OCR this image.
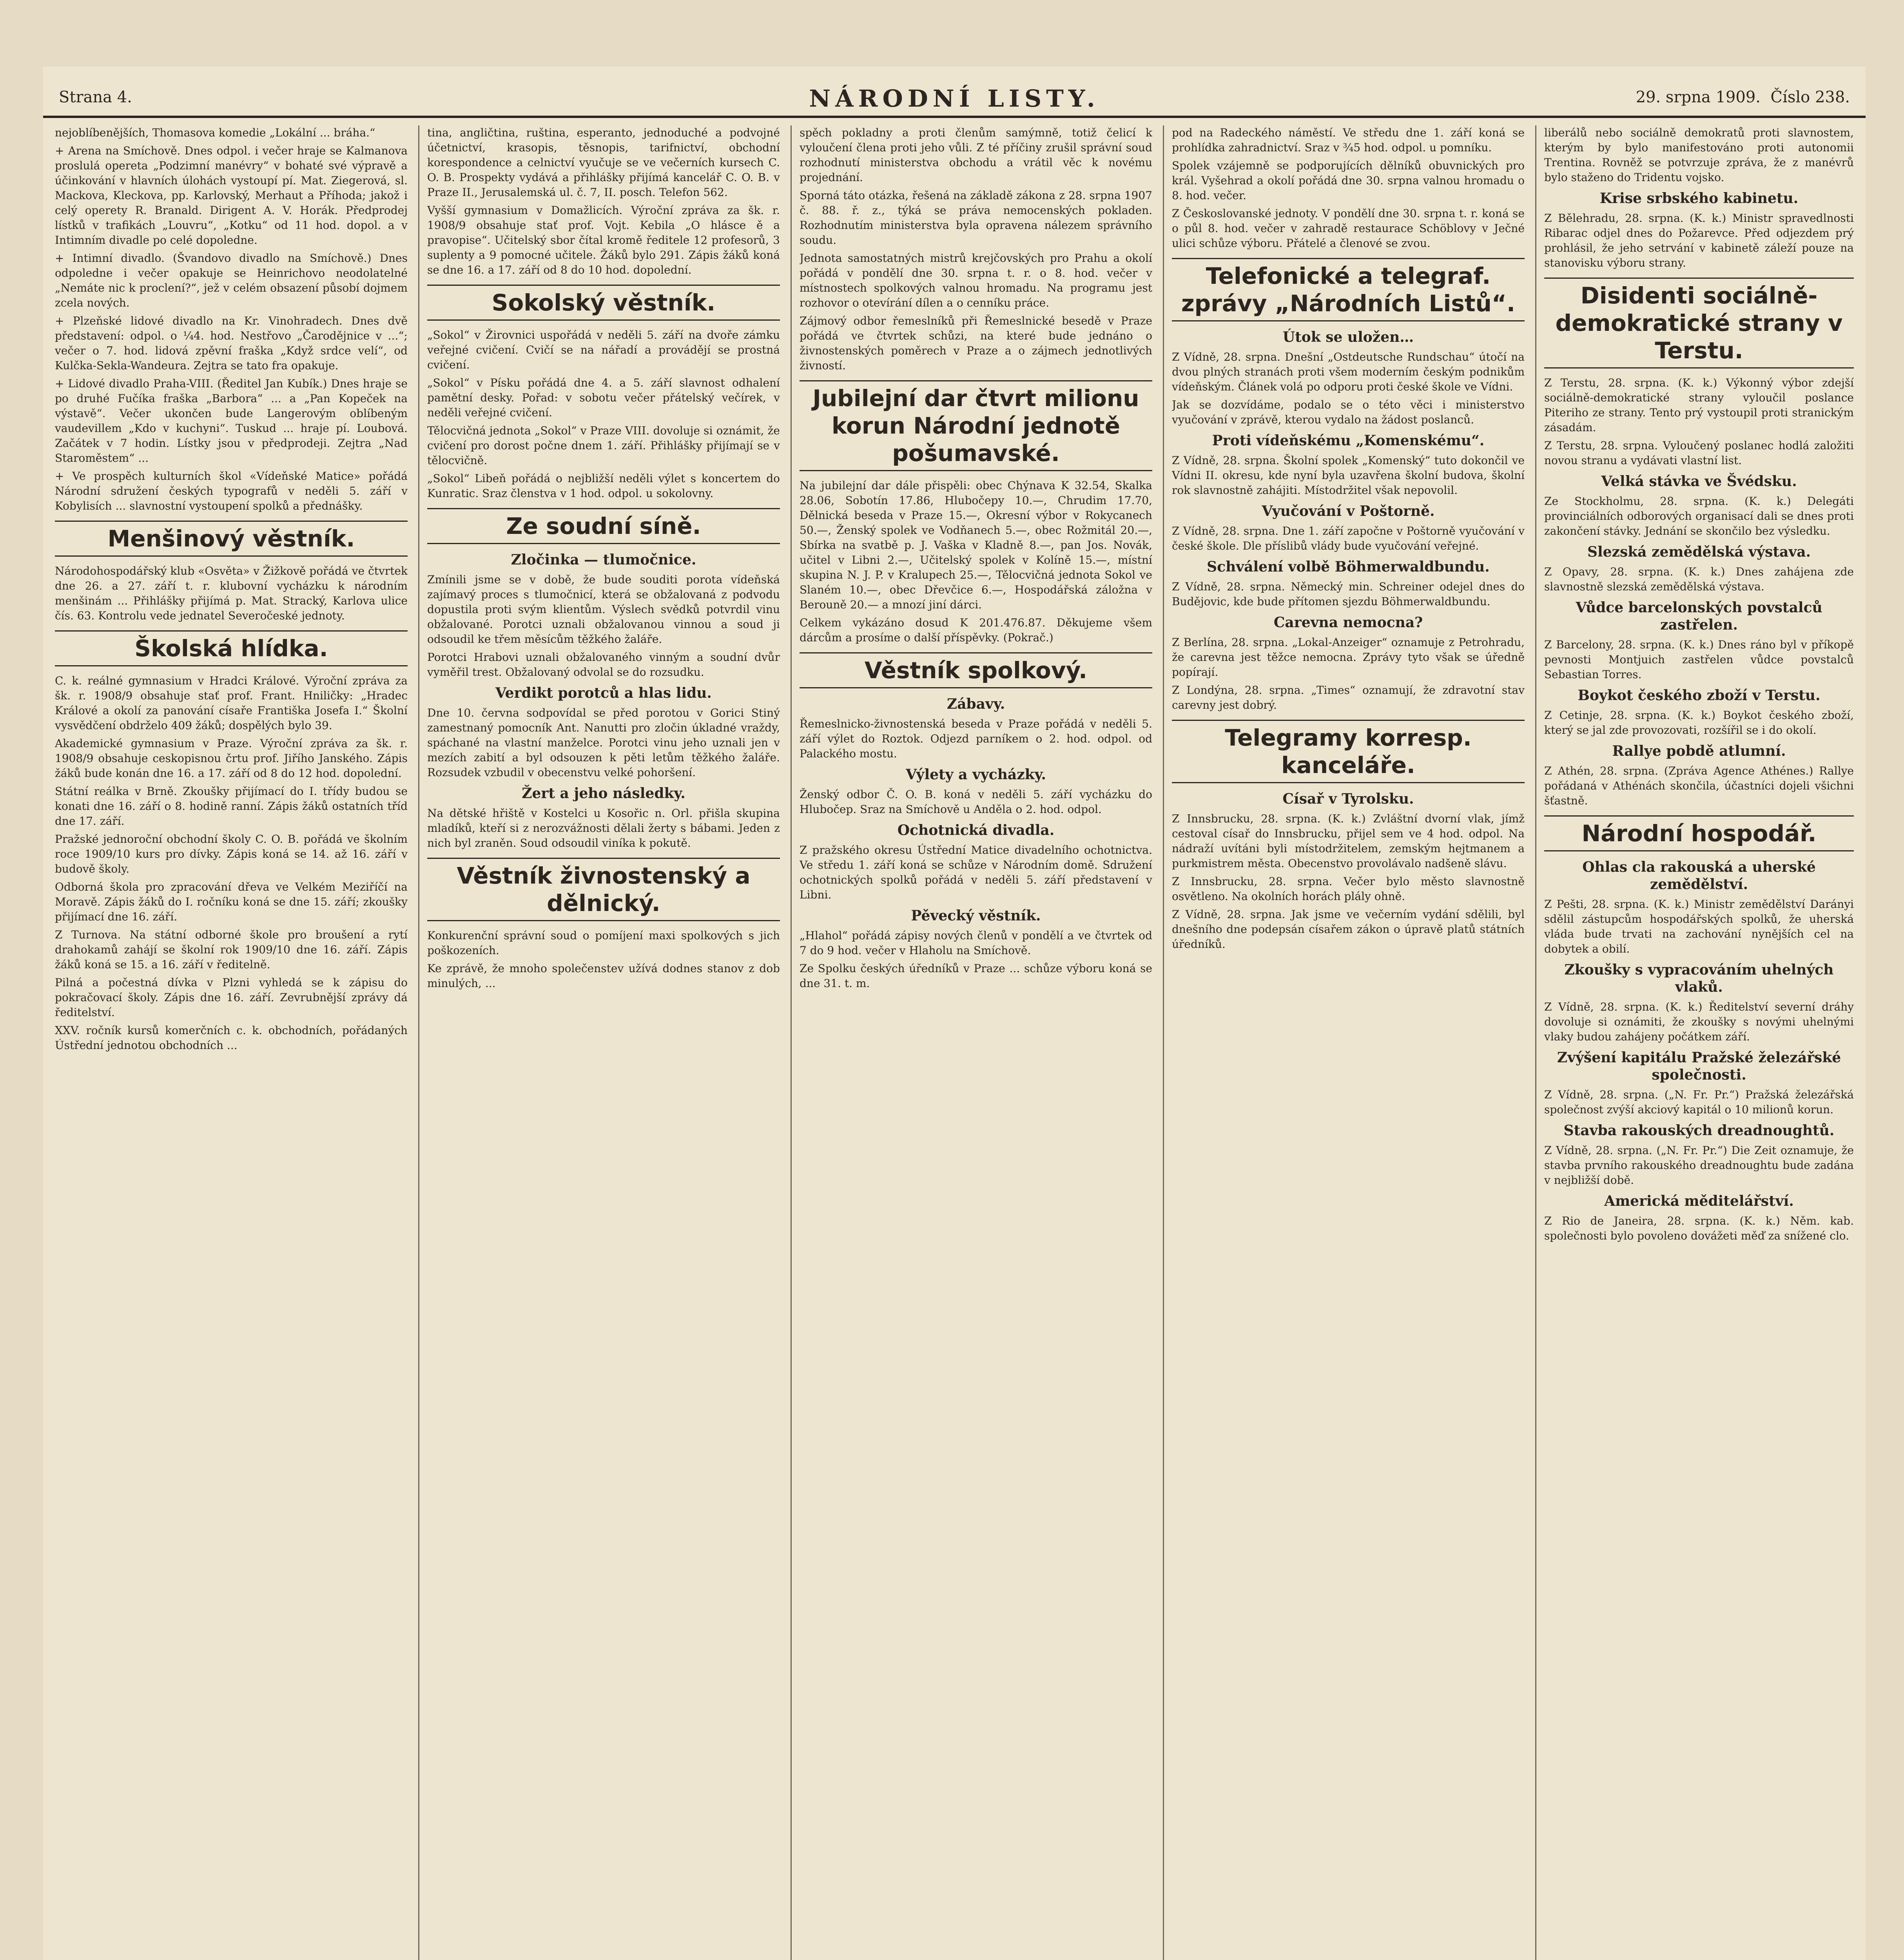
Strana 4.	NÁRODNÍ LISTY.	29. srpna 1909. Číslo 238.

nejoblíbenějších, Thomasova komedie „Lokální ... bráha.“

+ Arena na Smíchově. Dnes odpol. i večer hraje se Kalmanova proslulá opereta „Podzimní manévry“ v bohaté své výpravě a účinkování v hlavních úlohách vystoupí pí. Mat. Ziegerová, sl. Mackova, Kleckova, pp. Karlovský, Merhaut a Příhoda; jakož i celý operety R. Branald. Dirigent A. V. Horák. Předprodej lístků v trafikách „Louvru“, „Kotku“ od 11 hod. dopol. a v Intimním divadle po celé dopoledne.

+ Intimní divadlo. (Švandovo divadlo na Smíchově.) Dnes odpoledne i večer opakuje se Heinrichovo neodolatelné „Nemáte nic k proclení?“, jež v celém obsazení působí dojmem zcela nových.

+ Plzeňské lidové divadlo na Kr. Vinohradech. Dnes dvě představení: odpol. o ¼4. hod. Nestřovo „Čarodějnice v ...“; večer o 7. hod. lidová zpěvní fraška „Když srdce velí“, od Kulčka-Sekla-Wandeura. Zejtra se tato fra opakuje.

+ Lidové divadlo Praha-VIII. (Ředitel Jan Kubík.) Dnes hraje se po druhé Fučíka fraška „Barbora“ ... a „Pan Kopeček na výstavě“. Večer ukončen bude Langerovým oblíbeným vaudevillem „Kdo v kuchyni“. Tuskud ... hraje pí. Loubová. Začátek v 7 hodin. Lístky jsou v předprodeji. Zejtra „Nad Staroměstem“ ...

+ Ve prospěch kulturních škol «Vídeňské Matice» pořádá Národní sdružení českých typografů v neděli 5. září v Kobylisích ... slavnostní vystoupení spolků a přednášky.

Menšinový věstník.

Národohospodářský klub «Osvěta» v Žižkově pořádá ve čtvrtek dne 26. a 27. září t. r. klubovní vycházku k národním menšinám ... Přihlášky přijímá p. Mat. Stracký, Karlova ulice čís. 63. Kontrolu vede jednatel Severočeské jednoty.

Školská hlídka.

C. k. reálné gymnasium v Hradci Králové. Výroční zpráva za šk. r. 1908/9 obsahuje stať prof. Frant. Hniličky: „Hradec Králové a okolí za panování císaře Františka Josefa I.“ Školní vysvědčení obdrželo 409 žáků; dospělých bylo 39.

Akademické gymnasium v Praze. Výroční zpráva za šk. r. 1908/9 obsahuje ceskopisnou črtu prof. Jiřího Janského. Zápis žáků bude konán dne 16. a 17. září od 8 do 12 hod. dopolední.

Státní reálka v Brně. Zkoušky přijímací do I. třídy budou se konati dne 16. září o 8. hodině ranní. Zápis žáků ostatních tříd dne 17. září.

Pražské jednoroční obchodní školy C. O. B. pořádá ve školním roce 1909/10 kurs pro dívky. Zápis koná se 14. až 16. září v budově školy.

Odborná škola pro zpracování dřeva ve Velkém Meziříčí na Moravě. Zápis žáků do I. ročníku koná se dne 15. září; zkoušky přijímací dne 16. září.

Z Turnova. Na státní odborné škole pro broušení a rytí drahokamů zahájí se školní rok 1909/10 dne 16. září. Zápis žáků koná se 15. a 16. září v ředitelně.

Pilná a počestná dívka v Plzni vyhledá se k zápisu do pokračovací školy. Zápis dne 16. září. Zevrubnější zprávy dá ředitelství.

XXV. ročník kursů komerčních c. k. obchodních, pořádaných Ústřední jednotou obchodních ...

tina, angličtina, ruština, esperanto, jednoduché a podvojné účetnictví, krasopis, těsnopis, tarifnictví, obchodní korespondence a celnictví vyučuje se ve večerních kursech C. O. B. Prospekty vydává a přihlášky přijímá kancelář C. O. B. v Praze II., Jerusalemská ul. č. 7, II. posch. Telefon 562.

Vyšší gymnasium v Domažlicích. Výroční zpráva za šk. r. 1908/9 obsahuje stať prof. Vojt. Kebila „O hlásce ě a pravopise“. Učitelský sbor čítal kromě ředitele 12 profesorů, 3 suplenty a 9 pomocné učitele. Žáků bylo 291. Zápis žáků koná se dne 16. a 17. září od 8 do 10 hod. dopolední.

Sokolský věstník.

„Sokol“ v Žirovnici uspořádá v neděli 5. září na dvoře zámku veřejné cvičení. Cvičí se na nářadí a provádějí se prostná cvičení.

„Sokol“ v Písku pořádá dne 4. a 5. září slavnost odhalení pamětní desky. Pořad: v sobotu večer přátelský večírek, v neděli veřejné cvičení.

Tělocvičná jednota „Sokol“ v Praze VIII. dovoluje si oznámit, že cvičení pro dorost počne dnem 1. září. Přihlášky přijímají se v tělocvičně.

„Sokol“ Libeň pořádá o nejbližší neděli výlet s koncertem do Kunratic. Sraz členstva v 1 hod. odpol. u sokolovny.

Ze soudní síně.
Zločinka — tlumočnice.

Zmínili jsme se v době, že bude souditi porota vídeňská zajímavý proces s tlumočnicí, která se obžalovaná z podvodu dopustila proti svým klientům. Výslech svědků potvrdil vinu obžalované. Porotci uznali obžalovanou vinnou a soud ji odsoudil ke třem měsícům těžkého žaláře.

Porotci Hrabovi uznali obžalovaného vinným a soudní dvůr vyměřil trest. Obžalovaný odvolal se do rozsudku.

Verdikt porotců a hlas lidu.

Dne 10. června sodpovídal se před porotou v Gorici Stiný zamestnaný pomocník Ant. Nanutti pro zločin úkladné vraždy, spáchané na vlastní manželce. Porotci vinu jeho uznali jen v mezích zabití a byl odsouzen k pěti letům těžkého žaláře. Rozsudek vzbudil v obecenstvu velké pohoršení.

Žert a jeho následky.

Na dětské hřiště v Kostelci u Kosořic n. Orl. přišla skupina mladíků, kteří si z nerozvážnosti dělali žerty s bábami. Jeden z nich byl zraněn. Soud odsoudil viníka k pokutě.

Věstník živnostenský a dělnický.

Konkurenční správní soud o pomíjení maxi spolkových s jich poškozeních.

Ke zprávě, že mnoho společenstev užívá dodnes stanov z dob minulých, ...

spěch pokladny a proti členům samýmně, totiž čelicí k vyloučení člena proti jeho vůli. Z té příčiny zrušil správní soud rozhodnutí ministerstva obchodu a vrátil věc k novému projednání.

Sporná táto otázka, řešená na základě zákona z 28. srpna 1907 č. 88. ř. z., týká se práva nemocenských pokladen. Rozhodnutím ministerstva byla opravena nálezem správního soudu.

Jednota samostatných mistrů krejčovských pro Prahu a okolí pořádá v pondělí dne 30. srpna t. r. o 8. hod. večer v místnostech spolkových valnou hromadu. Na programu jest rozhovor o otevírání dílen a o cenníku práce.

Zájmový odbor řemeslníků při Řemeslnické besedě v Praze pořádá ve čtvrtek schůzi, na které bude jednáno o živnostenských poměrech v Praze a o zájmech jednotlivých živností.

Jubilejní dar čtvrt milionu korun Národní jednotě pošumavské.

Na jubilejní dar dále přispěli: obec Chýnava K 32.54, Skalka 28.06, Sobotín 17.86, Hlubočepy 10.—, Chrudim 17.70, Dělnická beseda v Praze 15.—, Okresní výbor v Rokycanech 50.—, Ženský spolek ve Vodňanech 5.—, obec Rožmitál 20.—, Sbírka na svatbě p. J. Vaška v Kladně 8.—, pan Jos. Novák, učitel v Libni 2.—, Učitelský spolek v Kolíně 15.—, místní skupina N. J. P. v Kralupech 25.—, Tělocvičná jednota Sokol ve Slaném 10.—, obec Dřevčice 6.—, Hospodářská záložna v Berouně 20.— a mnozí jiní dárci.

Celkem vykázáno dosud K 201.476.87. Děkujeme všem dárcům a prosíme o další příspěvky. (Pokrač.)

Věstník spolkový.
Zábavy.

Řemeslnicko-živnostenská beseda v Praze pořádá v neděli 5. září výlet do Roztok. Odjezd parníkem o 2. hod. odpol. od Palackého mostu.

Výlety a vycházky.

Ženský odbor Č. O. B. koná v neděli 5. září vycházku do Hlubočep. Sraz na Smíchově u Anděla o 2. hod. odpol.

Ochotnická divadla.

Z pražského okresu Ústřední Matice divadelního ochotnictva. Ve středu 1. září koná se schůze v Národním domě. Sdružení ochotnických spolků pořádá v neděli 5. září představení v Libni.

Pěvecký věstník.

„Hlahol“ pořádá zápisy nových členů v pondělí a ve čtvrtek od 7 do 9 hod. večer v Hlaholu na Smíchově.

Ze Spolku českých úředníků v Praze ... schůze výboru koná se dne 31. t. m.

pod na Radeckého náměstí. Ve středu dne 1. září koná se prohlídka zahradnictví. Sraz v ¾5 hod. odpol. u pomníku.

Spolek vzájemně se podporujících dělníků obuvnických pro král. Vyšehrad a okolí pořádá dne 30. srpna valnou hromadu o 8. hod. večer.

Z Českoslovanské jednoty. V pondělí dne 30. srpna t. r. koná se o půl 8. hod. večer v zahradě restaurace Schöblovy v Ječné ulici schůze výboru. Přátelé a členové se zvou.

Telefonické a telegraf. zprávy „Národních Listů“.
Útok se uložen…

Z Vídně, 28. srpna. Dnešní „Ostdeutsche Rundschau“ útočí na dvou plných stranách proti všem moderním českým podnikům vídeňským. Článek volá po odporu proti české škole ve Vídni.

Jak se dozvídáme, podalo se o této věci i ministerstvo vyučování v zprávě, kterou vydalo na žádost poslanců.

Proti vídeňskému „Komenskému“.

Z Vídně, 28. srpna. Školní spolek „Komenský“ tuto dokončil ve Vídni II. okresu, kde nyní byla uzavřena školní budova, školní rok slavnostně zahájiti. Místodržitel však nepovolil.

Vyučování v Poštorně.

Z Vídně, 28. srpna. Dne 1. září započne v Poštorně vyučování v české škole. Dle příslibů vlády bude vyučování veřejné.

Schválení volbě Böhmerwaldbundu.

Z Vídně, 28. srpna. Německý min. Schreiner odejel dnes do Budějovic, kde bude přítomen sjezdu Böhmerwaldbundu.

Carevna nemocna?

Z Berlína, 28. srpna. „Lokal-Anzeiger“ oznamuje z Petrohradu, že carevna jest těžce nemocna. Zprávy tyto však se úředně popírají.

Z Londýna, 28. srpna. „Times“ oznamují, že zdravotní stav carevny jest dobrý.

Telegramy korresp. kanceláře.
Císař v Tyrolsku.

Z Innsbrucku, 28. srpna. (K. k.) Zvláštní dvorní vlak, jímž cestoval císař do Innsbrucku, přijel sem ve 4 hod. odpol. Na nádraží uvítáni byli místodržitelem, zemským hejtmanem a purkmistrem města. Obecenstvo provolávalo nadšeně slávu.

Z Innsbrucku, 28. srpna. Večer bylo město slavnostně osvětleno. Na okolních horách plály ohně.

Z Vídně, 28. srpna. Jak jsme ve večerním vydání sdělili, byl dnešního dne podepsán císařem zákon o úpravě platů státních úředníků.

liberálů nebo sociálně demokratů proti slavnostem, kterým by bylo manifestováno proti autonomii Trentina. Rovněž se potvrzuje zpráva, že z manévrů bylo staženo do Tridentu vojsko.

Krise srbského kabinetu.

Z Bělehradu, 28. srpna. (K. k.) Ministr spravedlnosti Ribarac odjel dnes do Požarevce. Před odjezdem prý prohlásil, že jeho setrvání v kabinetě záleží pouze na stanovisku výboru strany.

Disidenti sociálně-demokratické strany v Terstu.

Z Terstu, 28. srpna. (K. k.) Výkonný výbor zdejší sociálně-demokratické strany vyloučil poslance Piteriho ze strany. Tento prý vystoupil proti stranickým zásadám.

Z Terstu, 28. srpna. Vyloučený poslanec hodlá založiti novou stranu a vydávati vlastní list.

Velká stávka ve Švédsku.

Ze Stockholmu, 28. srpna. (K. k.) Delegáti provinciálních odborových organisací dali se dnes proti zakončení stávky. Jednání se skončilo bez výsledku.

Slezská zemědělská výstava.

Z Opavy, 28. srpna. (K. k.) Dnes zahájena zde slavnostně slezská zemědělská výstava.

Vůdce barcelonských povstalců zastřelen.

Z Barcelony, 28. srpna. (K. k.) Dnes ráno byl v příkopě pevnosti Montjuich zastřelen vůdce povstalců Sebastian Torres.

Boykot českého zboží v Terstu.

Z Cetinje, 28. srpna. (K. k.) Boykot českého zboží, který se jal zde provozovati, rozšířil se i do okolí.

Rallye pobdě atlumní.

Z Athén, 28. srpna. (Zpráva Agence Athénes.) Rallye pořádaná v Athénách skončila, účastníci dojeli všichni šťastně.

Národní hospodář.
Ohlas cla rakouská a uherské zemědělství.

Z Pešti, 28. srpna. (K. k.) Ministr zemědělství Darányi sdělil zástupcům hospodářských spolků, že uherská vláda bude trvati na zachování nynějších cel na dobytek a obilí.

Zkoušky s vypracováním uhelných vlaků.

Z Vídně, 28. srpna. (K. k.) Ředitelství severní dráhy dovoluje si oznámiti, že zkoušky s novými uhelnými vlaky budou zahájeny počátkem září.

Zvýšení kapitálu Pražské železářské společnosti.

Z Vídně, 28. srpna. („N. Fr. Pr.“) Pražská železářská společnost zvýší akciový kapitál o 10 milionů korun.

Stavba rakouských dreadnoughtů.

Z Vídně, 28. srpna. („N. Fr. Pr.“) Die Zeit oznamuje, že stavba prvního rakouského dreadnoughtu bude zadána v nejbližší době.

Americká měditelářství.

Z Rio de Janeira, 28. srpna. (K. k.) Něm. kab. společnosti bylo povoleno dovážeti měď za snížené clo.
